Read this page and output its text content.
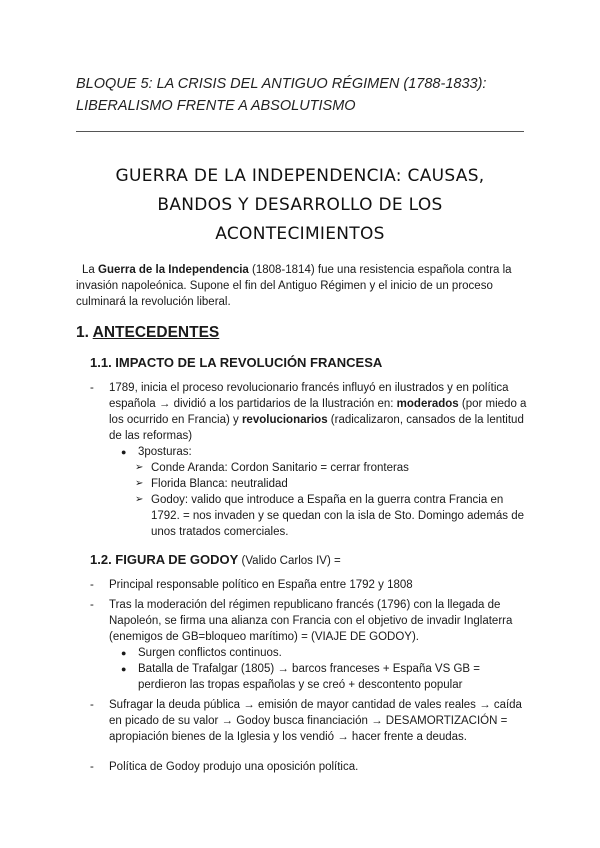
BLOQUE 5: LA CRISIS DEL ANTIGUO RÉGIMEN (1788-1833):
LIBERALISMO FRENTE A ABSOLUTISMO
GUERRA DE LA INDEPENDENCIA: CAUSAS,
BANDOS Y DESARROLLO DE LOS
ACONTECIMIENTOS
La Guerra de la Independencia (1808-1814) fue una resistencia española contra la invasión napoleónica. Supone el fin del Antiguo Régimen y el inicio de un proceso culminará la revolución liberal.
1. ANTECEDENTES
1.1. IMPACTO DE LA REVOLUCIÓN FRANCESA
- 1789, inicia el proceso revolucionario francés influyó en ilustrados y en política española → dividió a los partidarios de la Ilustración en: moderados (por miedo a los ocurrido en Francia) y revolucionarios (radicalizaron, cansados de la lentitud de las reformas)
● 3posturas:
➢ Conde Aranda: Cordon Sanitario = cerrar fronteras
➢ Florida Blanca: neutralidad
➢ Godoy: valido que introduce a España en la guerra contra Francia en 1792. = nos invaden y se quedan con la isla de Sto. Domingo además de unos tratados comerciales.
1.2. FIGURA DE GODOY (Valido Carlos IV) =
- Principal responsable político en España entre 1792 y 1808
- Tras la moderación del régimen republicano francés (1796) con la llegada de Napoleón, se firma una alianza con Francia con el objetivo de invadir Inglaterra (enemigos de GB=bloqueo marítimo) = (VIAJE DE GODOY).
● Surgen conflictos continuos.
● Batalla de Trafalgar (1805) → barcos franceses + España VS GB = perdieron las tropas españolas y se creó + descontento popular
- Sufragar la deuda pública → emisión de mayor cantidad de vales reales → caída en picado de su valor → Godoy busca financiación → DESAMORTIZACIÓN = apropiación bienes de la Iglesia y los vendió → hacer frente a deudas.
- Política de Godoy produjo una oposición política.
